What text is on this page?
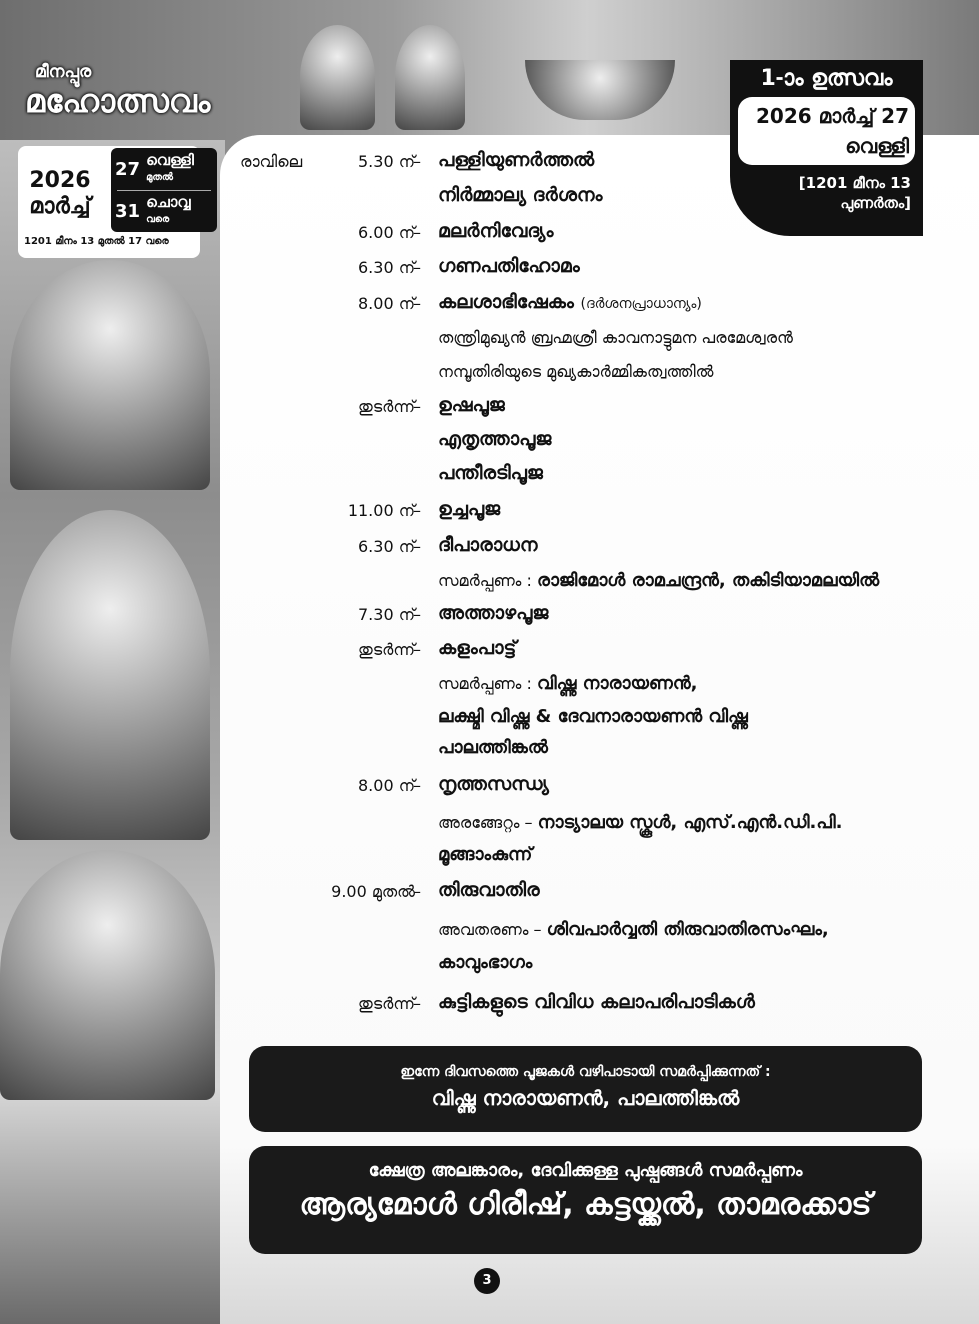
മീനപ്പൂര
മഹോത്സവം
2026
മാർച്ച്
27 വെള്ളി
മുതൽ
31 ചൊവ്വ
വരെ
1201 മീനം 13 മുതൽ 17 വരെ
1-ാം ഉത്സവം
2026 മാർച്ച് 27
വെള്ളി
[1201 മീനം 13
പുണർതം]
രാവിലെ	5.30 ന്
– പള്ളിയുണർത്തൽ
നിർമ്മാല്യ ദർശനം
6.00 ന്
– മലർനിവേദ്യം
6.30 ന്
– ഗണപതിഹോമം
8.00 ന്
– കലശാഭിഷേകം (ദർശനപ്രാധാന്യം)
തന്ത്രിമുഖ്യൻ ബ്രഹ്മശ്രീ കാവനാട്ടുമന പരമേശ്വരൻ
നമ്പൂതിരിയുടെ മുഖ്യകാർമ്മികത്വത്തിൽ
തുടർന്ന്
– ഉഷപൂജ
എതൃത്താപൂജ
പന്തീരടിപൂജ
11.00 ന്
– ഉച്ചപൂജ
6.30 ന്
– ദീപാരാധന
സമർപ്പണം : രാജിമോൾ രാമചന്ദ്രൻ, തകിടിയാമലയിൽ
7.30 ന്
– അത്താഴപൂജ
തുടർന്ന്
– കളംപാട്ട്
സമർപ്പണം : വിഷ്ണു നാരായണൻ,
ലക്ഷ്മി വിഷ്ണു & ദേവനാരായണൻ വിഷ്ണു
പാലത്തിങ്കൽ
8.00 ന്
– നൃത്തസന്ധ്യ
അരങ്ങേറ്റം – നാട്യാലയ സ്കൂൾ, എസ്.എൻ.ഡി.പി.
മൂങ്ങാംകുന്ന്
9.00 മുതൽ
– തിരുവാതിര
അവതരണം – ശിവപാർവ്വതി തിരുവാതിരസംഘം,
കാവുംഭാഗം
തുടർന്ന്
– കുട്ടികളുടെ വിവിധ കലാപരിപാടികൾ
ഇന്നേ ദിവസത്തെ പൂജകൾ വഴിപാടായി സമർപ്പിക്കുന്നത് :
വിഷ്ണു നാരായണൻ, പാലത്തിങ്കൽ
ക്ഷേത്ര അലങ്കാരം, ദേവിക്കുള്ള പുഷ്പങ്ങൾ സമർപ്പണം
ആര്യമോൾ ഗിരീഷ്, കട്ടയ്ക്കൽ, താമരക്കാട്
3
